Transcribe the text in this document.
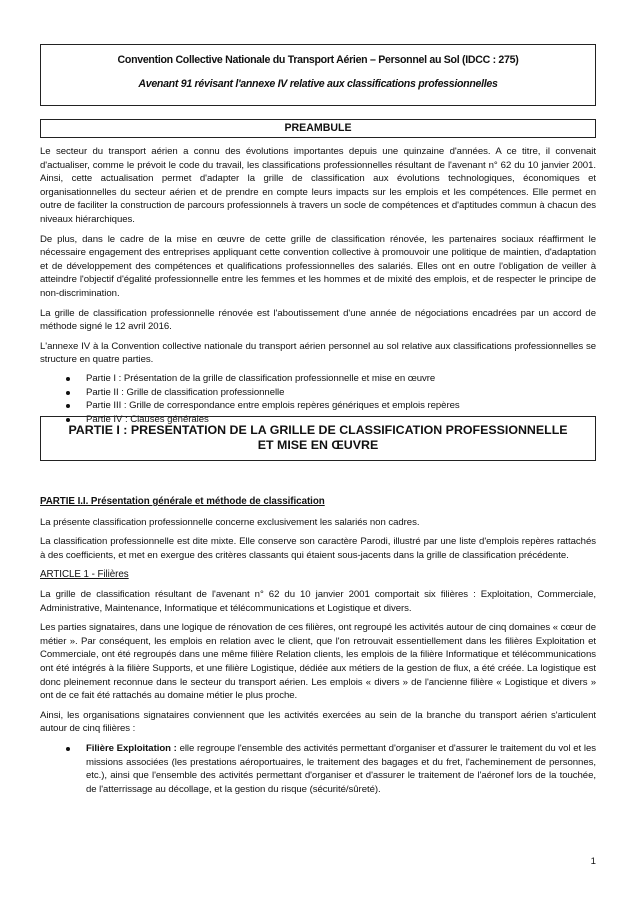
Convention Collective Nationale du Transport Aérien – Personnel au Sol (IDCC : 275)
Avenant 91 révisant l'annexe IV relative aux classifications professionnelles
PREAMBULE

Le secteur du transport aérien a connu des évolutions importantes depuis une quinzaine d'années. A ce titre, il convenait d'actualiser, comme le prévoit le code du travail, les classifications professionnelles résultant de l'avenant n° 62 du 10 janvier 2001. Ainsi, cette actualisation permet d'adapter la grille de classification aux évolutions technologiques, économiques et organisationnelles du secteur aérien et de prendre en compte leurs impacts sur les emplois et les compétences. Elle permet en outre de faciliter la construction de parcours professionnels à travers un socle de compétences et d'aptitudes commun à chacun des niveaux hiérarchiques.

De plus, dans le cadre de la mise en œuvre de cette grille de classification rénovée, les partenaires sociaux réaffirment le nécessaire engagement des entreprises appliquant cette convention collective à promouvoir une politique de maintien, d'adaptation et de développement des compétences et qualifications professionnelles des salariés. Elles ont en outre l'obligation de veiller à atteindre l'objectif d'égalité professionnelle entre les femmes et les hommes et de mixité des emplois, et de respecter le principe de non-discrimination.

La grille de classification professionnelle rénovée est l'aboutissement d'une année de négociations encadrées par un accord de méthode signé le 12 avril 2016.

L'annexe IV à la Convention collective nationale du transport aérien personnel au sol relative aux classifications professionnelles se structure en quatre parties.

Partie I : Présentation de la grille de classification professionnelle et mise en œuvre
Partie II : Grille de classification professionnelle
Partie III : Grille de correspondance entre emplois repères génériques et emplois repères
Partie IV : Clauses générales
PARTIE I : PRESENTATION DE LA GRILLE DE CLASSIFICATION PROFESSIONNELLE
ET MISE EN ŒUVRE

PARTIE I.I. Présentation générale et méthode de classification

La présente classification professionnelle concerne exclusivement les salariés non cadres.

La classification professionnelle est dite mixte. Elle conserve son caractère Parodi, illustré par une liste d'emplois repères rattachés à des coefficients, et met en exergue des critères classants qui étaient sous-jacents dans la grille de classification précédente.

ARTICLE 1 - Filières

La grille de classification résultant de l'avenant n° 62 du 10 janvier 2001 comportait six filières : Exploitation, Commerciale, Administrative, Maintenance, Informatique et télécommunications et Logistique et divers.

Les parties signataires, dans une logique de rénovation de ces filières, ont regroupé les activités autour de cinq domaines « cœur de métier ». Par conséquent, les emplois en relation avec le client, que l'on retrouvait essentiellement dans les filières Exploitation et Commerciale, ont été regroupés dans une même filière Relation clients, les emplois de la filière Informatique et télécommunications ont été intégrés à la filière Supports, et une filière Logistique, dédiée aux métiers de la gestion de flux, a été créée. La logistique est donc pleinement reconnue dans le secteur du transport aérien. Les emplois « divers » de l'ancienne filière « Logistique et divers » ont de ce fait été rattachés au domaine métier le plus proche.

Ainsi, les organisations signataires conviennent que les activités exercées au sein de la branche du transport aérien s'articulent autour de cinq filières :

Filière Exploitation : elle regroupe l'ensemble des activités permettant d'organiser et d'assurer le traitement du vol et les missions associées (les prestations aéroportuaires, le traitement des bagages et du fret, l'acheminement de personnes, etc.), ainsi que l'ensemble des activités permettant d'organiser et d'assurer le traitement de l'aéronef lors de la touchée, de l'atterrissage au décollage, et la gestion du risque (sécurité/sûreté).
1
